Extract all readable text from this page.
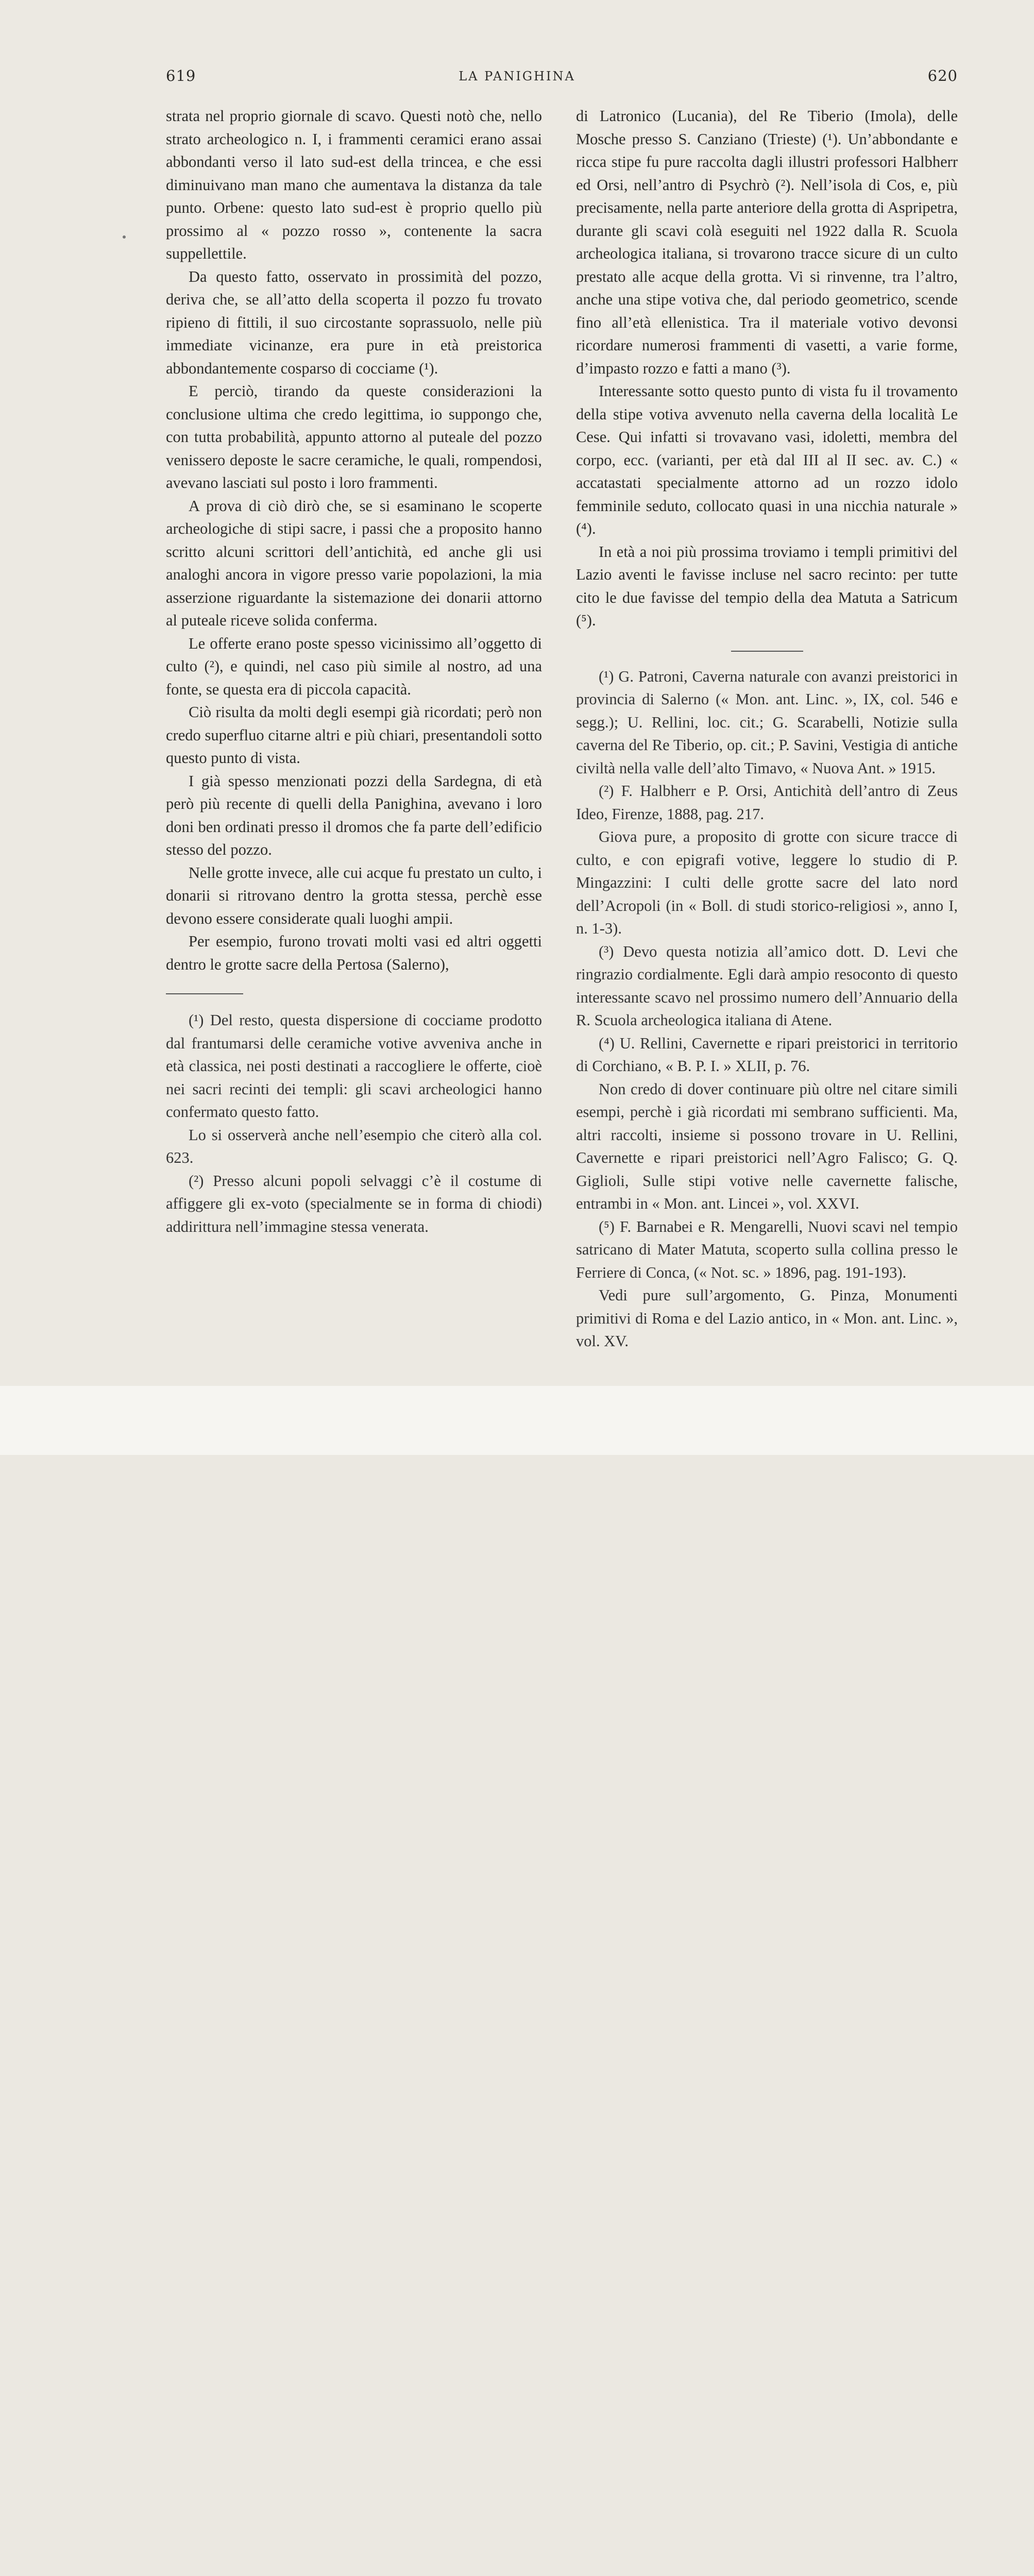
619	LA PANIGHINA	620

strata nel proprio giornale di scavo. Questi notò che, nello strato archeologico n. I, i frammenti ceramici erano assai abbondanti verso il lato sud-est della trincea, e che essi diminuivano man mano che aumentava la distanza da tale punto. Orbene: questo lato sud-est è proprio quello più prossimo al « pozzo rosso », contenente la sacra suppellettile.

Da questo fatto, osservato in prossimità del pozzo, deriva che, se all’atto della scoperta il pozzo fu trovato ripieno di fittili, il suo circostante soprassuolo, nelle più immediate vicinanze, era pure in età preistorica abbondantemente cosparso di cocciame (¹).

E perciò, tirando da queste considerazioni la conclusione ultima che credo legittima, io suppongo che, con tutta probabilità, appunto attorno al puteale del pozzo venissero deposte le sacre ceramiche, le quali, rompendosi, avevano lasciati sul posto i loro frammenti.

A prova di ciò dirò che, se si esaminano le scoperte archeologiche di stipi sacre, i passi che a proposito hanno scritto alcuni scrittori dell’antichità, ed anche gli usi analoghi ancora in vigore presso varie popolazioni, la mia asserzione riguardante la sistemazione dei donarii attorno al puteale riceve solida conferma.

Le offerte erano poste spesso vicinissimo all’oggetto di culto (²), e quindi, nel caso più simile al nostro, ad una fonte, se questa era di piccola capacità.

Ciò risulta da molti degli esempi già ricordati; però non credo superfluo citarne altri e più chiari, presentandoli sotto questo punto di vista.

I già spesso menzionati pozzi della Sardegna, di età però più recente di quelli della Panighina, avevano i loro doni ben ordinati presso il dromos che fa parte dell’edificio stesso del pozzo.

Nelle grotte invece, alle cui acque fu prestato un culto, i donarii si ritrovano dentro la grotta stessa, perchè esse devono essere considerate quali luoghi ampii.

Per esempio, furono trovati molti vasi ed altri oggetti dentro le grotte sacre della Pertosa (Salerno),

(¹) Del resto, questa dispersione di cocciame prodotto dal frantumarsi delle ceramiche votive avveniva anche in età classica, nei posti destinati a raccogliere le offerte, cioè nei sacri recinti dei templi: gli scavi archeologici hanno confermato questo fatto.

Lo si osserverà anche nell’esempio che citerò alla col. 623.

(²) Presso alcuni popoli selvaggi c’è il costume di affiggere gli ex-voto (specialmente se in forma di chiodi) addirittura nell’immagine stessa venerata.

di Latronico (Lucania), del Re Tiberio (Imola), delle Mosche presso S. Canziano (Trieste) (¹). Un’abbondante e ricca stipe fu pure raccolta dagli illustri professori Halbherr ed Orsi, nell’antro di Psychrò (²). Nell’isola di Cos, e, più precisamente, nella parte anteriore della grotta di Aspripetra, durante gli scavi colà eseguiti nel 1922 dalla R. Scuola archeologica italiana, si trovarono tracce sicure di un culto prestato alle acque della grotta. Vi si rinvenne, tra l’altro, anche una stipe votiva che, dal periodo geometrico, scende fino all’età ellenistica. Tra il materiale votivo devonsi ricordare numerosi frammenti di vasetti, a varie forme, d’impasto rozzo e fatti a mano (³).

Interessante sotto questo punto di vista fu il trovamento della stipe votiva avvenuto nella caverna della località Le Cese. Qui infatti si trovavano vasi, idoletti, membra del corpo, ecc. (varianti, per età dal III al II sec. av. C.) « accatastati specialmente attorno ad un rozzo idolo femminile seduto, collocato quasi in una nicchia naturale » (⁴).

In età a noi più prossima troviamo i templi primitivi del Lazio aventi le favisse incluse nel sacro recinto: per tutte cito le due favisse del tempio della dea Matuta a Satricum (⁵).

(¹) G. Patroni, Caverna naturale con avanzi preistorici in provincia di Salerno (« Mon. ant. Linc. », IX, col. 546 e segg.); U. Rellini, loc. cit.; G. Scarabelli, Notizie sulla caverna del Re Tiberio, op. cit.; P. Savini, Vestigia di antiche civiltà nella valle dell’alto Timavo, « Nuova Ant. » 1915.

(²) F. Halbherr e P. Orsi, Antichità dell’antro di Zeus Ideo, Firenze, 1888, pag. 217.

Giova pure, a proposito di grotte con sicure tracce di culto, e con epigrafi votive, leggere lo studio di P. Mingazzini: I culti delle grotte sacre del lato nord dell’Acropoli (in « Boll. di studi storico-religiosi », anno I, n. 1-3).

(³) Devo questa notizia all’amico dott. D. Levi che ringrazio cordialmente. Egli darà ampio resoconto di questo interessante scavo nel prossimo numero dell’Annuario della R. Scuola archeologica italiana di Atene.

(⁴) U. Rellini, Cavernette e ripari preistorici in territorio di Corchiano, « B. P. I. » XLII, p. 76.

Non credo di dover continuare più oltre nel citare simili esempi, perchè i già ricordati mi sembrano sufficienti. Ma, altri raccolti, insieme si possono trovare in U. Rellini, Cavernette e ripari preistorici nell’Agro Falisco; G. Q. Giglioli, Sulle stipi votive nelle cavernette falische, entrambi in « Mon. ant. Lincei », vol. XXVI.

(⁵) F. Barnabei e R. Mengarelli, Nuovi scavi nel tempio satricano di Mater Matuta, scoperto sulla collina presso le Ferriere di Conca, (« Not. sc. » 1896, pag. 191-193).

Vedi pure sull’argomento, G. Pinza, Monumenti primitivi di Roma e del Lazio antico, in « Mon. ant. Linc. », vol. XV.
